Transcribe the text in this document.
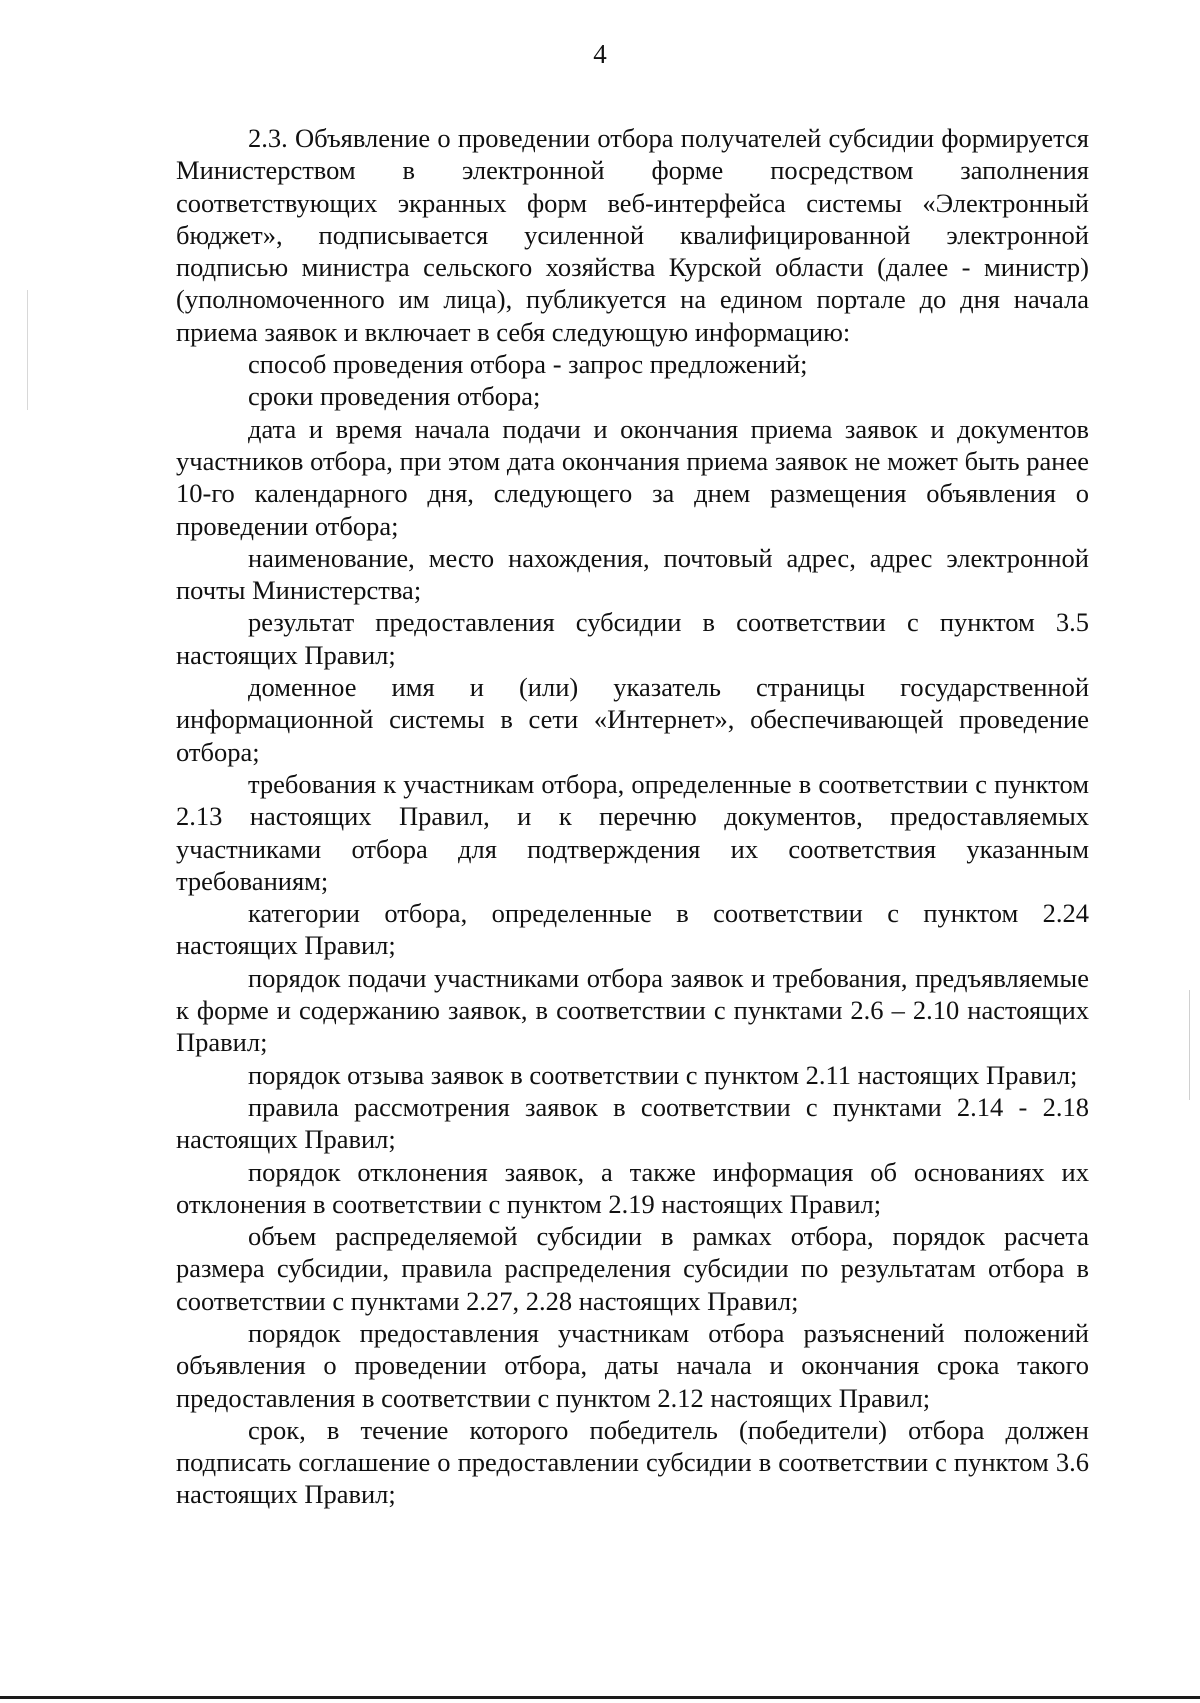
4

2.3. Объявление о проведении отбора получателей субсидии формируется Министерством в электронной форме посредством заполнения соответствующих экранных форм веб-интерфейса системы «Электронный бюджет», подписывается усиленной квалифицированной электронной подписью министра сельского хозяйства Курской области (далее - министр) (уполномоченного им лица), публикуется на едином портале до дня начала приема заявок и включает в себя следующую информацию:

способ проведения отбора - запрос предложений;

сроки проведения отбора;

дата и время начала подачи и окончания приема заявок и документов участников отбора, при этом дата окончания приема заявок не может быть ранее 10-го календарного дня, следующего за днем размещения объявления о проведении отбора;

наименование, место нахождения, почтовый адрес, адрес электронной почты Министерства;

результат предоставления субсидии в соответствии с пунктом 3.5 настоящих Правил;

доменное имя и (или) указатель страницы государственной информационной системы в сети «Интернет», обеспечивающей проведение отбора;

требования к участникам отбора, определенные в соответствии с пунктом 2.13 настоящих Правил, и к перечню документов, предоставляемых участниками отбора для подтверждения их соответствия указанным требованиям;

категории отбора, определенные в соответствии с пунктом 2.24 настоящих Правил;

порядок подачи участниками отбора заявок и требования, предъявляемые к форме и содержанию заявок, в соответствии с пунктами 2.6 – 2.10 настоящих Правил;

порядок отзыва заявок в соответствии с пунктом 2.11 настоящих Правил;

правила рассмотрения заявок в соответствии с пунктами 2.14 - 2.18 настоящих Правил;

порядок отклонения заявок, а также информация об основаниях их отклонения в соответствии с пунктом 2.19 настоящих Правил;

объем распределяемой субсидии в рамках отбора, порядок расчета размера субсидии, правила распределения субсидии по результатам отбора в соответствии с пунктами 2.27, 2.28 настоящих Правил;

порядок предоставления участникам отбора разъяснений положений объявления о проведении отбора, даты начала и окончания срока такого предоставления в соответствии с пунктом 2.12 настоящих Правил;

срок, в течение которого победитель (победители) отбора должен подписать соглашение о предоставлении субсидии в соответствии с пунктом 3.6 настоящих Правил;
